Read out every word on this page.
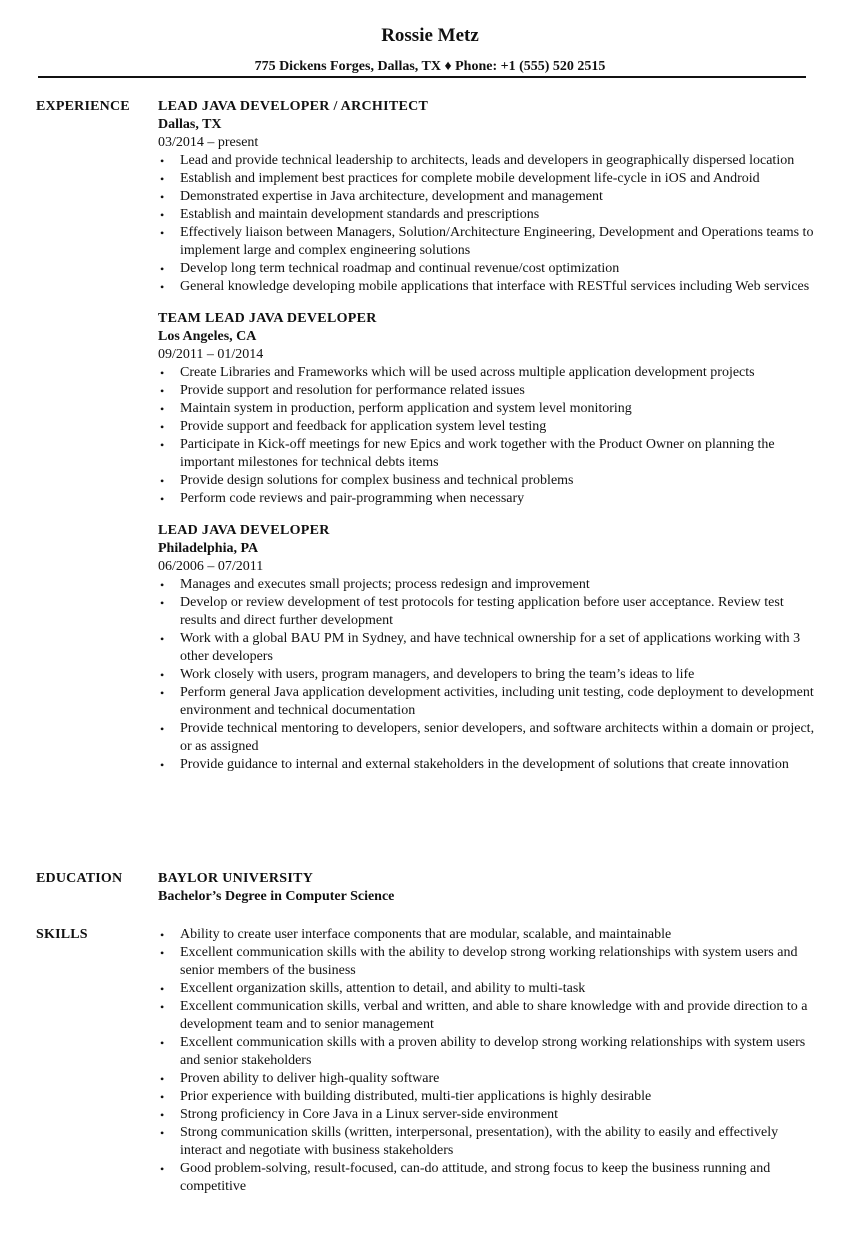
Rossie Metz
775 Dickens Forges, Dallas, TX ♦ Phone: +1 (555) 520 2515
EXPERIENCE LEAD JAVA DEVELOPER / ARCHITECT
Dallas, TX
03/2014 – present
• Lead and provide technical leadership to architects, leads and developers in geographically dispersed location
• Establish and implement best practices for complete mobile development life-cycle in iOS and Android
• Demonstrated expertise in Java architecture, development and management
• Establish and maintain development standards and prescriptions
• Effectively liaison between Managers, Solution/Architecture Engineering, Development and Operations teams to implement large and complex engineering solutions
• Develop long term technical roadmap and continual revenue/cost optimization
• General knowledge developing mobile applications that interface with RESTful services including Web services
TEAM LEAD JAVA DEVELOPER
Los Angeles, CA
09/2011 – 01/2014
• Create Libraries and Frameworks which will be used across multiple application development projects
• Provide support and resolution for performance related issues
• Maintain system in production, perform application and system level monitoring
• Provide support and feedback for application system level testing
• Participate in Kick-off meetings for new Epics and work together with the Product Owner on planning the important milestones for technical debts items
• Provide design solutions for complex business and technical problems
• Perform code reviews and pair-programming when necessary
LEAD JAVA DEVELOPER
Philadelphia, PA
06/2006 – 07/2011
• Manages and executes small projects; process redesign and improvement
• Develop or review development of test protocols for testing application before user acceptance. Review test results and direct further development
• Work with a global BAU PM in Sydney, and have technical ownership for a set of applications working with 3 other developers
• Work closely with users, program managers, and developers to bring the team’s ideas to life
• Perform general Java application development activities, including unit testing, code deployment to development environment and technical documentation
• Provide technical mentoring to developers, senior developers, and software architects within a domain or project, or as assigned
• Provide guidance to internal and external stakeholders in the development of solutions that create innovation
EDUCATION	BAYLOR UNIVERSITY
Bachelor’s Degree in Computer Science
SKILLS	• Ability to create user interface components that are modular, scalable, and maintainable
• Excellent communication skills with the ability to develop strong working relationships with system users and senior members of the business
• Excellent organization skills, attention to detail, and ability to multi-task
• Excellent communication skills, verbal and written, and able to share knowledge with and provide direction to a development team and to senior management
• Excellent communication skills with a proven ability to develop strong working relationships with system users and senior stakeholders
• Proven ability to deliver high-quality software
• Prior experience with building distributed, multi-tier applications is highly desirable
• Strong proficiency in Core Java in a Linux server-side environment
• Strong communication skills (written, interpersonal, presentation), with the ability to easily and effectively interact and negotiate with business stakeholders
• Good problem-solving, result-focused, can-do attitude, and strong focus to keep the business running and competitive
